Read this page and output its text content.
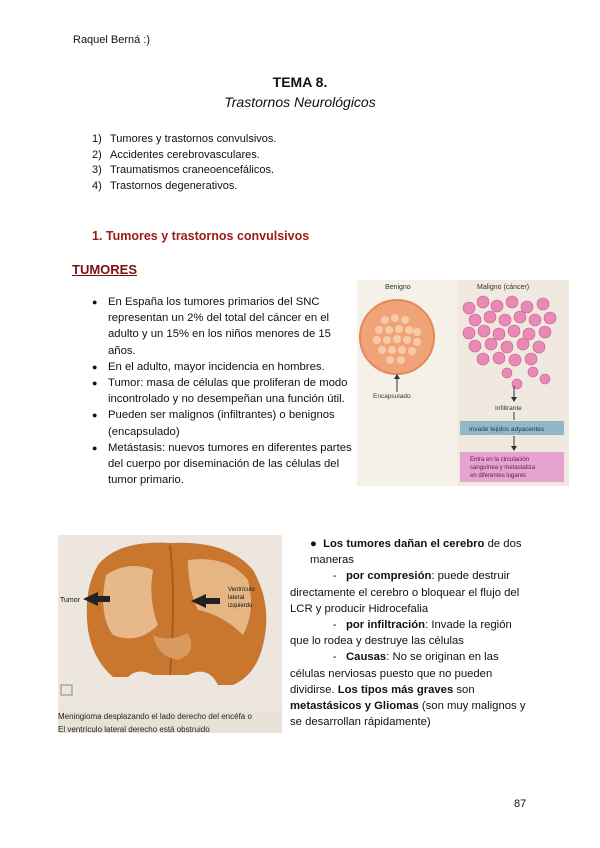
Raquel Berná :)
TEMA 8.
Trastornos Neurológicos
1) Tumores y trastornos convulsivos.
2) Accidentes cerebrovasculares.
3) Traumatismos craneoencefálicos.
4) Trastornos degenerativos.
1. Tumores y trastornos convulsivos
TUMORES
● En España los tumores primarios del SNC representan un 2% del total del cáncer en el adulto y un 15% en los niños menores de 15 años.
● En el adulto, mayor incidencia en hombres.
● Tumor: masa de células que proliferan de modo incontrolado y no desempeñan una función útil.
● Pueden ser malignos (infiltrantes) o benignos (encapsulado)
● Metástasis: nuevos tumores en diferentes partes del cuerpo por diseminación de las células del tumor primario.
Benigno	Maligno (cáncer)
Encapsulado
Infiltrante
Invade tejidos adyacentes
Entra en la circulación
sanguínea y metastatiza
en diferentes lugares
Tumor
Ventrículo
lateral
izquierdo
Meningioma desplazando el lado derecho del encéfa o
El ventrículo lateral derecho está obstruido

●  Los tumores dañan el cerebro de dos maneras

-   por compresión: puede destruir directamente el cerebro o bloquear el flujo del LCR y producir Hidrocefalia

-   por infiltración: Invade la región que lo rodea y destruye las células

-   Causas: No se originan en las células nerviosas puesto que no pueden dividirse. Los tipos más graves son metastásicos y Gliomas (son muy malignos y se desarrollan rápidamente)

87
